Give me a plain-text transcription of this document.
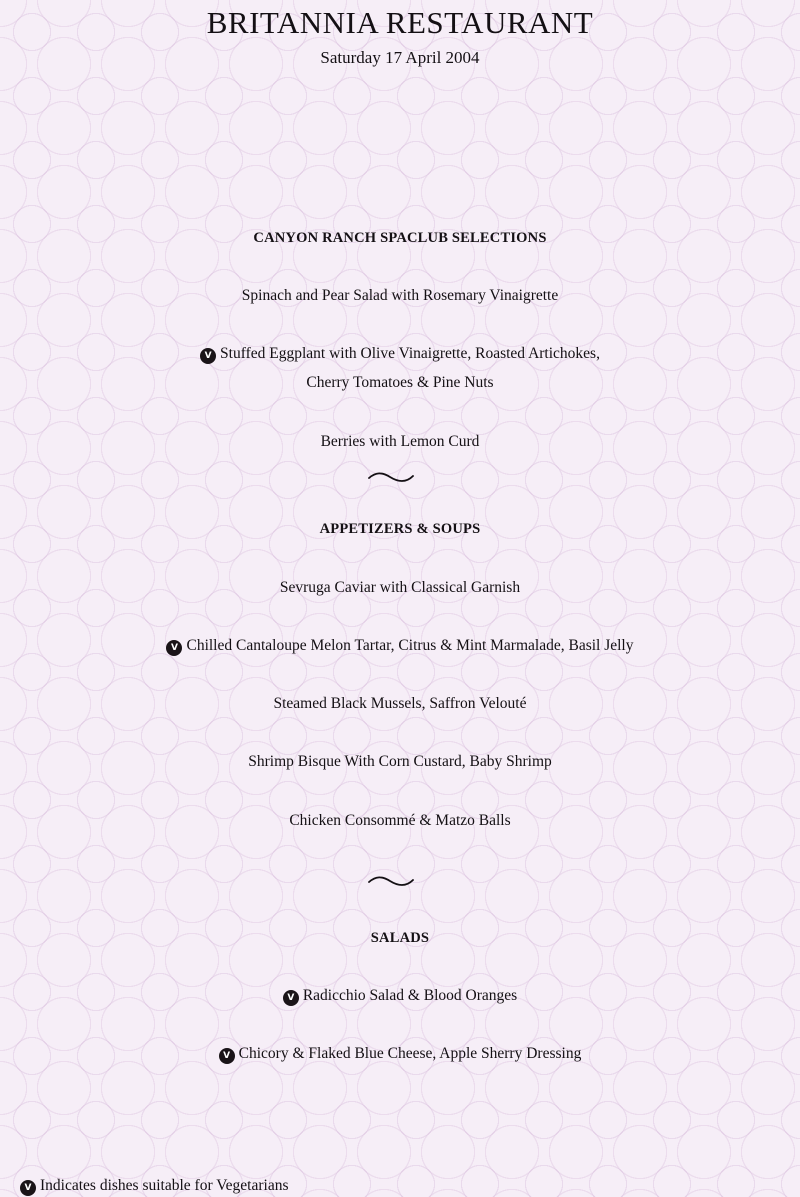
BRITANNIA RESTAURANT
Saturday 17 April 2004
CANYON RANCH SPACLUB SELECTIONS
Spinach and Pear Salad with Rosemary Vinaigrette
V Stuffed Eggplant with Olive Vinaigrette, Roasted Artichokes,
Cherry Tomatoes & Pine Nuts
Berries with Lemon Curd
APPETIZERS & SOUPS
Sevruga Caviar with Classical Garnish
V Chilled Cantaloupe Melon Tartar, Citrus & Mint Marmalade, Basil Jelly
Steamed Black Mussels, Saffron Velouté
Shrimp Bisque With Corn Custard, Baby Shrimp
Chicken Consommé & Matzo Balls
SALADS
V Radicchio Salad & Blood Oranges
V Chicory & Flaked Blue Cheese, Apple Sherry Dressing
V Indicates dishes suitable for Vegetarians
